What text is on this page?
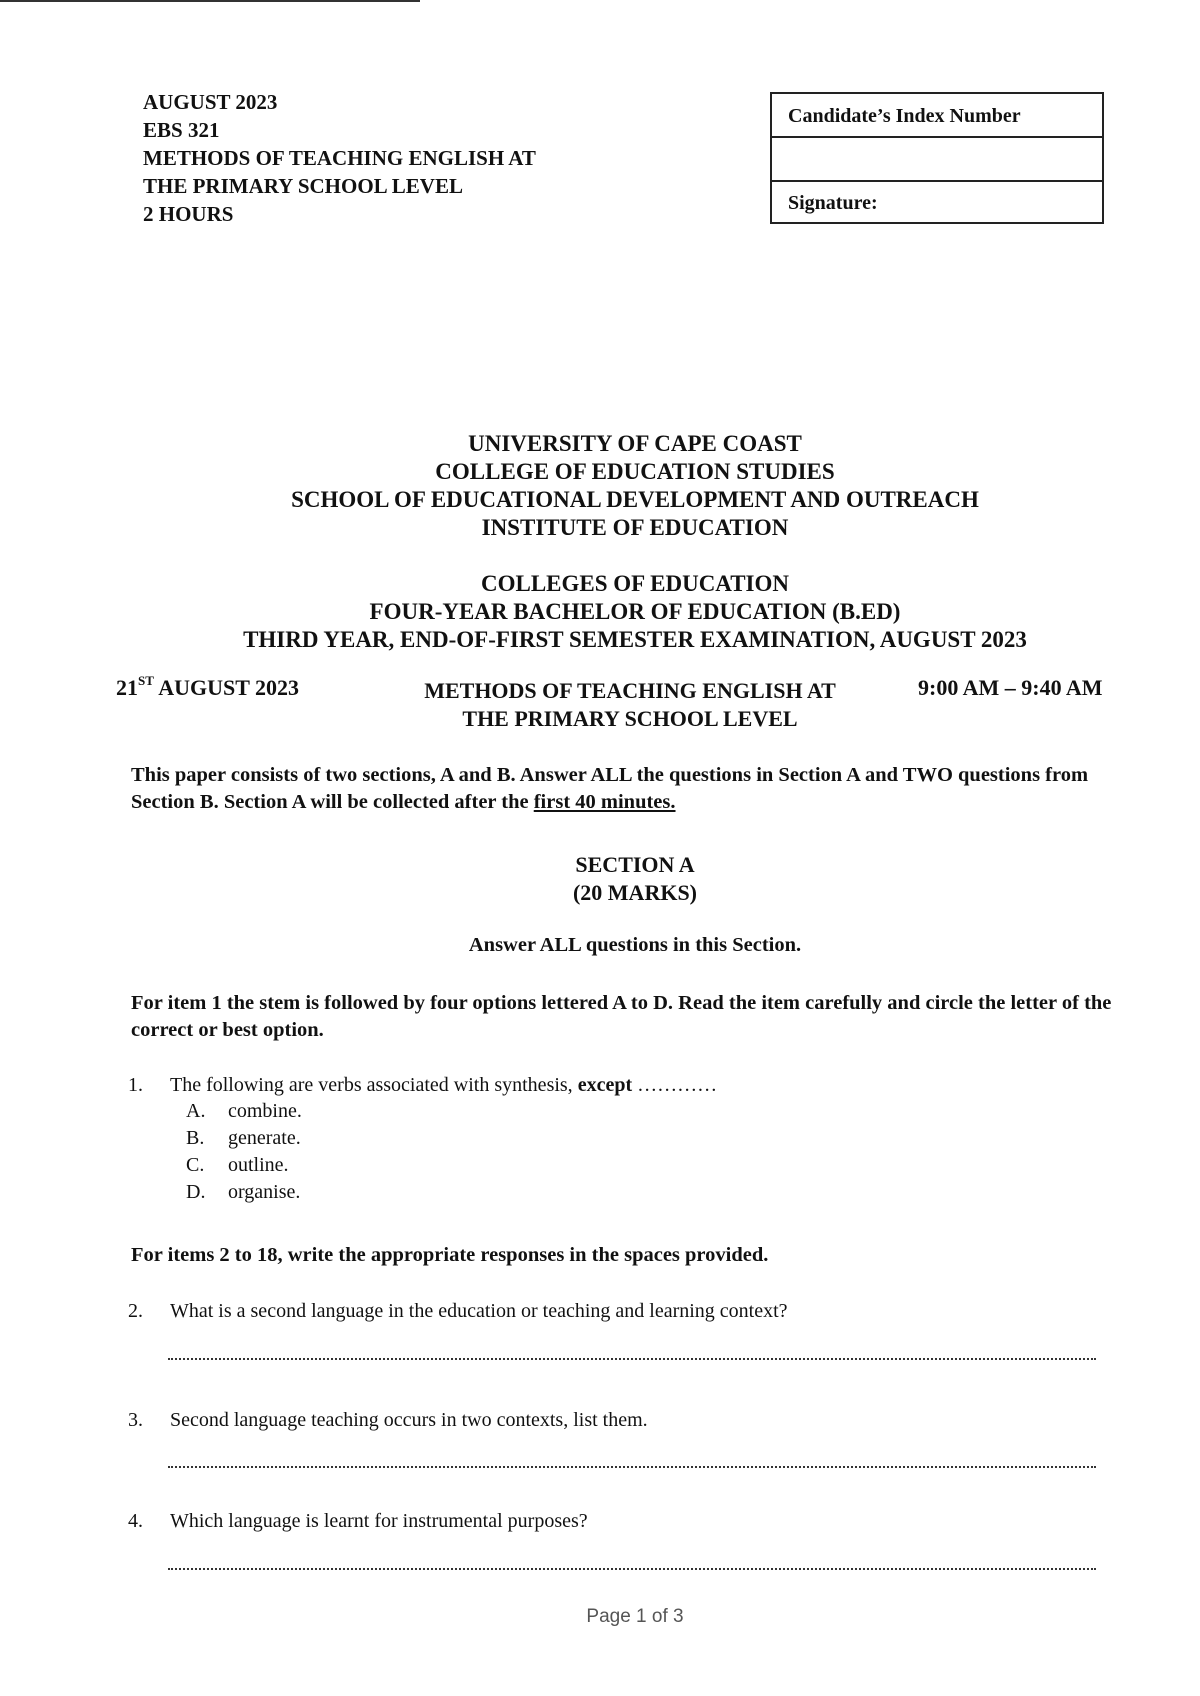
AUGUST 2023
EBS 321
METHODS OF TEACHING ENGLISH AT
THE PRIMARY SCHOOL LEVEL
2 HOURS
Candidate’s Index Number
Signature:
UNIVERSITY OF CAPE COAST
COLLEGE OF EDUCATION STUDIES
SCHOOL OF EDUCATIONAL DEVELOPMENT AND OUTREACH
INSTITUTE OF EDUCATION
COLLEGES OF EDUCATION
FOUR-YEAR BACHELOR OF EDUCATION (B.ED)
THIRD YEAR, END-OF-FIRST SEMESTER EXAMINATION, AUGUST 2023
21ST AUGUST 2023	METHODS OF TEACHING ENGLISH AT
THE PRIMARY SCHOOL LEVEL
9:00 AM – 9:40 AM
This paper consists of two sections, A and B. Answer ALL the questions in Section A and TWO questions from Section B. Section A will be collected after the first 40 minutes.
SECTION A
(20 MARKS)
Answer ALL questions in this Section.
For item 1 the stem is followed by four options lettered A to D. Read the item carefully and circle the letter of the correct or best option.
1. The following are verbs associated with synthesis, except …………
A. combine.
B. generate.
C. outline.
D. organise.
For items 2 to 18, write the appropriate responses in the spaces provided.
2. What is a second language in the education or teaching and learning context?
3. Second language teaching occurs in two contexts, list them.
4. Which language is learnt for instrumental purposes?
Page 1 of 3
